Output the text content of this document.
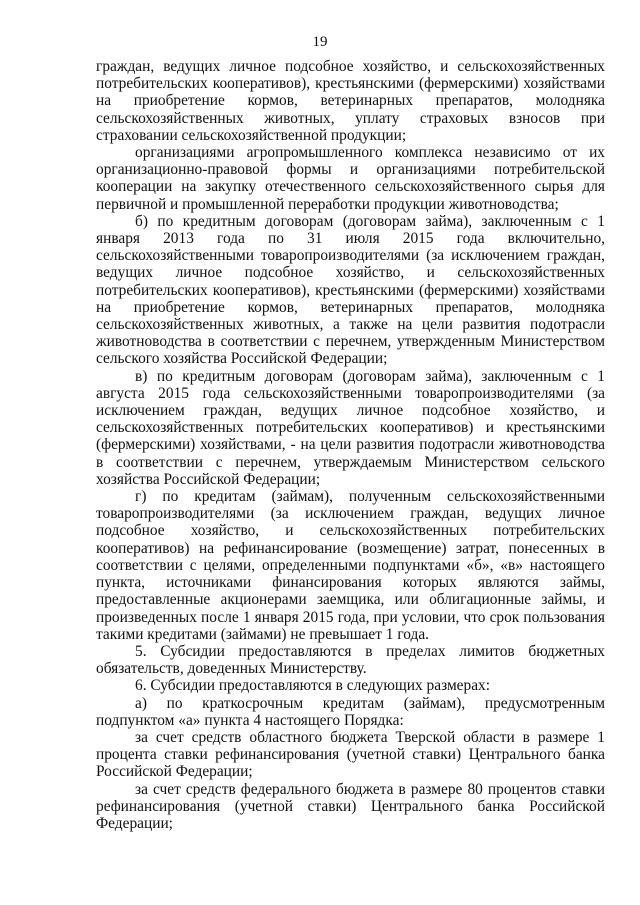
19

граждан, ведущих личное подсобное хозяйство, и сельскохозяйственных потребительских кооперативов), крестьянскими (фермерскими) хозяйствами на приобретение кормов, ветеринарных препаратов, молодняка сельскохозяйственных животных, уплату страховых взносов при страховании сельскохозяйственной продукции;

организациями агропромышленного комплекса независимо от их организационно-правовой формы и организациями потребительской кооперации на закупку отечественного сельскохозяйственного сырья для первичной и промышленной переработки продукции животноводства;

б) по кредитным договорам (договорам займа), заключенным с 1 января 2013 года по 31 июля 2015 года включительно, сельскохозяйственными товаропроизводителями (за исключением граждан, ведущих личное подсобное хозяйство, и сельскохозяйственных потребительских кооперативов), крестьянскими (фермерскими) хозяйствами на приобретение кормов, ветеринарных препаратов, молодняка сельскохозяйственных животных, а также на цели развития подотрасли животноводства в соответствии с перечнем, утвержденным Министерством сельского хозяйства Российской Федерации;

в) по кредитным договорам (договорам займа), заключенным с 1 августа 2015 года сельскохозяйственными товаропроизводителями (за исключением граждан, ведущих личное подсобное хозяйство, и сельскохозяйственных потребительских кооперативов) и крестьянскими (фермерскими) хозяйствами, - на цели развития подотрасли животноводства в соответствии с перечнем, утверждаемым Министерством сельского хозяйства Российской Федерации;

г) по кредитам (займам), полученным сельскохозяйственными товаропроизводителями (за исключением граждан, ведущих личное подсобное хозяйство, и сельскохозяйственных потребительских кооперативов) на рефинансирование (возмещение) затрат, понесенных в соответствии с целями, определенными подпунктами «б», «в» настоящего пункта, источниками финансирования которых являются займы, предоставленные акционерами заемщика, или облигационные займы, и произведенных после 1 января 2015 года, при условии, что срок пользования такими кредитами (займами) не превышает 1 года.

5. Субсидии предоставляются в пределах лимитов бюджетных обязательств, доведенных Министерству.

6. Субсидии предоставляются в следующих размерах:

а) по краткосрочным кредитам (займам), предусмотренным подпунктом «а» пункта 4 настоящего Порядка:

за счет средств областного бюджета Тверской области в размере 1 процента ставки рефинансирования (учетной ставки) Центрального банка Российской Федерации;

за счет средств федерального бюджета в размере 80 процентов ставки рефинансирования (учетной ставки) Центрального банка Российской Федерации;
